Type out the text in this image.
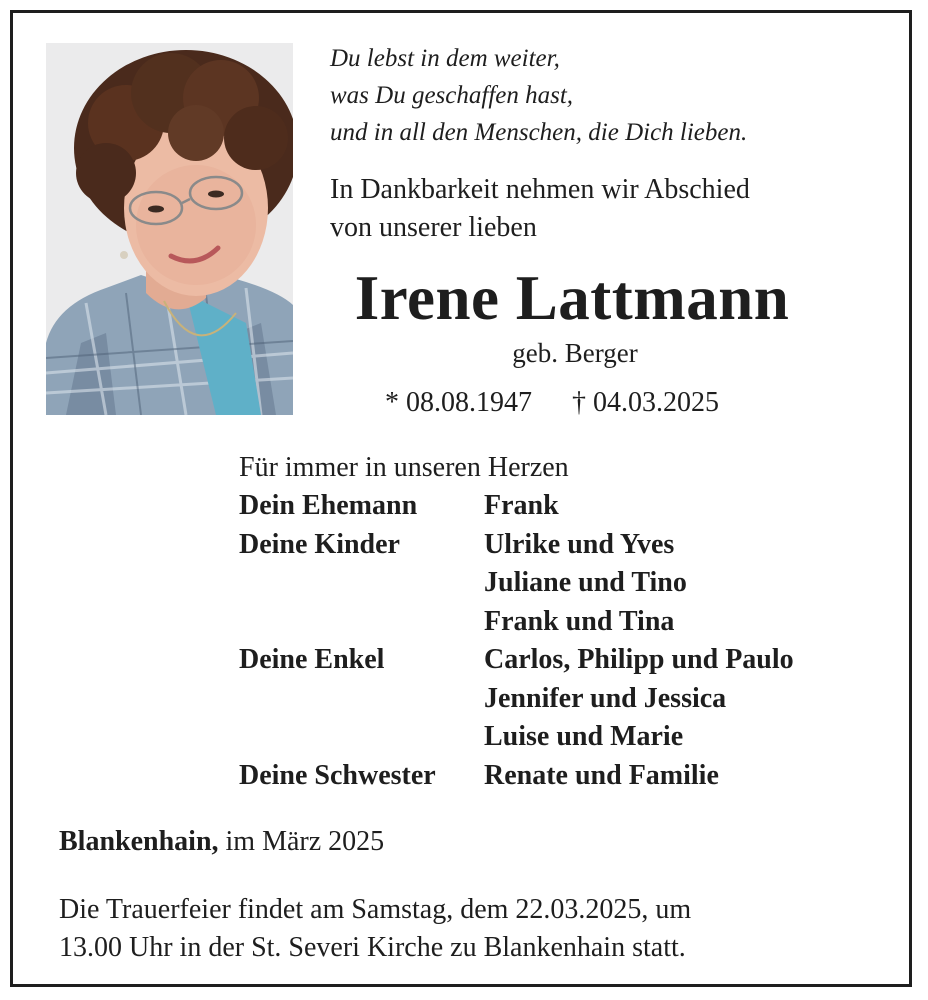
Du lebst in dem weiter,
was Du geschaffen hast,
und in all den Menschen, die Dich lieben.
In Dankbarkeit nehmen wir Abschied
von unserer lieben
Irene Lattmann
geb. Berger
* 08.08.1947 † 04.03.2025
Für immer in unseren Herzen
Dein Ehemann	Frank
Deine Kinder	Ulrike und Yves
Juliane und Tino
Frank und Tina
Deine Enkel	Carlos, Philipp und Paulo
Jennifer und Jessica
Luise und Marie
Deine Schwester	Renate und Familie
Blankenhain, im März 2025
Die Trauerfeier findet am Samstag, dem 22.03.2025, um
13.00 Uhr in der St. Severi Kirche zu Blankenhain statt.
